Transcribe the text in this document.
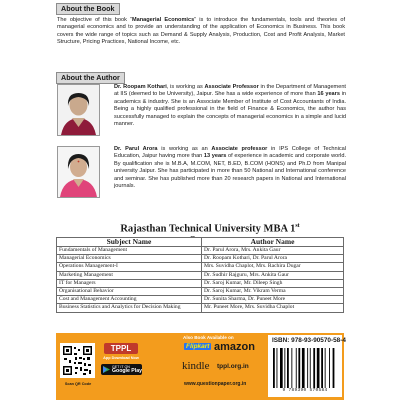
About the Book
The objective of this book “Managerial Economics” is to introduce the fundamentals, tools and theories of managerial economics and to provide an understanding of the application of Economics in Business. This book covers the wide range of topics such as Demand & Supply Analysis, Production, Cost and Profit Analysis, Market Structure, Pricing Practices, National Income, etc.
About the Author
Dr. Roopam Kothari, is working as Associate Professor in the Department of Management at IIS (deemed to be University), Jaipur. She has a wide experience of more than 16 years in academics & industry. She is an Associate Member of Institute of Cost Accountants of India. Being a highly qualified professional in the field of Finance & Economics, the author has successfully managed to explain the concepts of managerial economics in a simple and lucid manner.
Dr. Parul Arora is working as an Associate professor in IPS College of Technical Education, Jaipur having more than 13 years of experience in academic and corporate world. By qualification she is M.B.A, M.COM, NET, B.ED, B.COM (HONS) and Ph.D from Manipal university Jaipur. She has participated in more than 50 National and International conference and seminar. She has published more than 20 research papers in National and International journals.
Rajasthan Technical University MBA 1st
Subject Name	Author Name
Fundamentals of Management	Dr. Parul Arora, Mrs. Ankita Gaur
Managerial Economics	Dr. Roopam Kothari, Dr. Parul Arora
Operations Management-I	Mrs. Suvidha Chaplot, Mrs. Rachira Dugar
Marketing Management	Dr. Sudhir Rajguru, Mrs. Ankita Gaur
IT for Managers	Dr. Saroj Kumar, Mr. Dileep Singh
Organisational Behavior	Dr. Saroj Kumar, Mr. Vikram Verma
Cost and Management Accounting	Dr. Sunita Sharma, Dr. Puneet More
Business Statistics and Analytics for Decision Making	Mr. Puneet More, Mrs. Suvidha Chaplot
Scan QR Code
TPPL
App Download Now
GET IT ON
Google Play
Also Book Available on
Flipkart amazon
kindle tppl.org.in
www.questionpaper.org.in
ISBN: 978-93-90570-58-4
9 789390 570584
